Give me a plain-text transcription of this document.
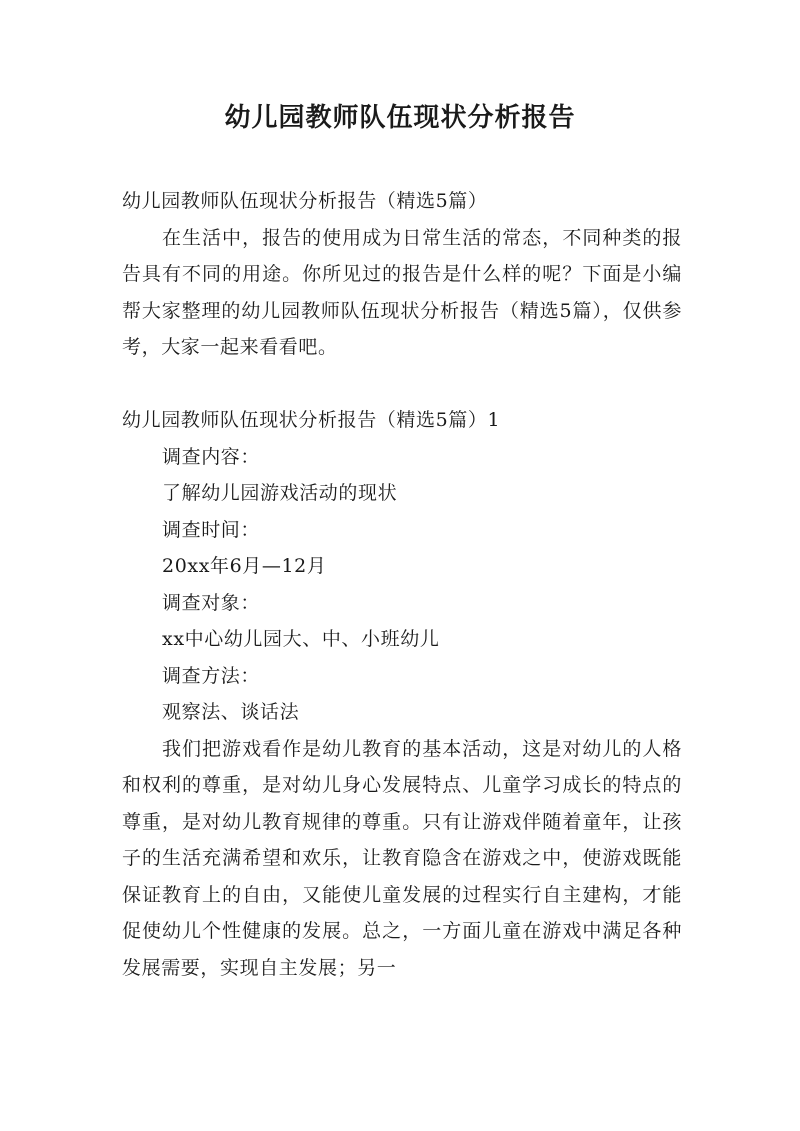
幼儿园教师队伍现状分析报告

幼儿园教师队伍现状分析报告（精选5篇）

在生活中，报告的使用成为日常生活的常态，不同种类的报告具有不同的用途。你所见过的报告是什么样的呢？下面是小编帮大家整理的幼儿园教师队伍现状分析报告（精选5篇），仅供参考，大家一起来看看吧。

幼儿园教师队伍现状分析报告（精选5篇）1

调查内容：

了解幼儿园游戏活动的现状

调查时间：

20xx年6月—12月

调查对象：

xx中心幼儿园大、中、小班幼儿

调查方法：

观察法、谈话法

我们把游戏看作是幼儿教育的基本活动，这是对幼儿的人格和权利的尊重，是对幼儿身心发展特点、儿童学习成长的特点的尊重，是对幼儿教育规律的尊重。只有让游戏伴随着童年，让孩子的生活充满希望和欢乐，让教育隐含在游戏之中，使游戏既能保证教育上的自由，又能使儿童发展的过程实行自主建构，才能促使幼儿个性健康的发展。总之，一方面儿童在游戏中满足各种发展需要，实现自主发展；另一
